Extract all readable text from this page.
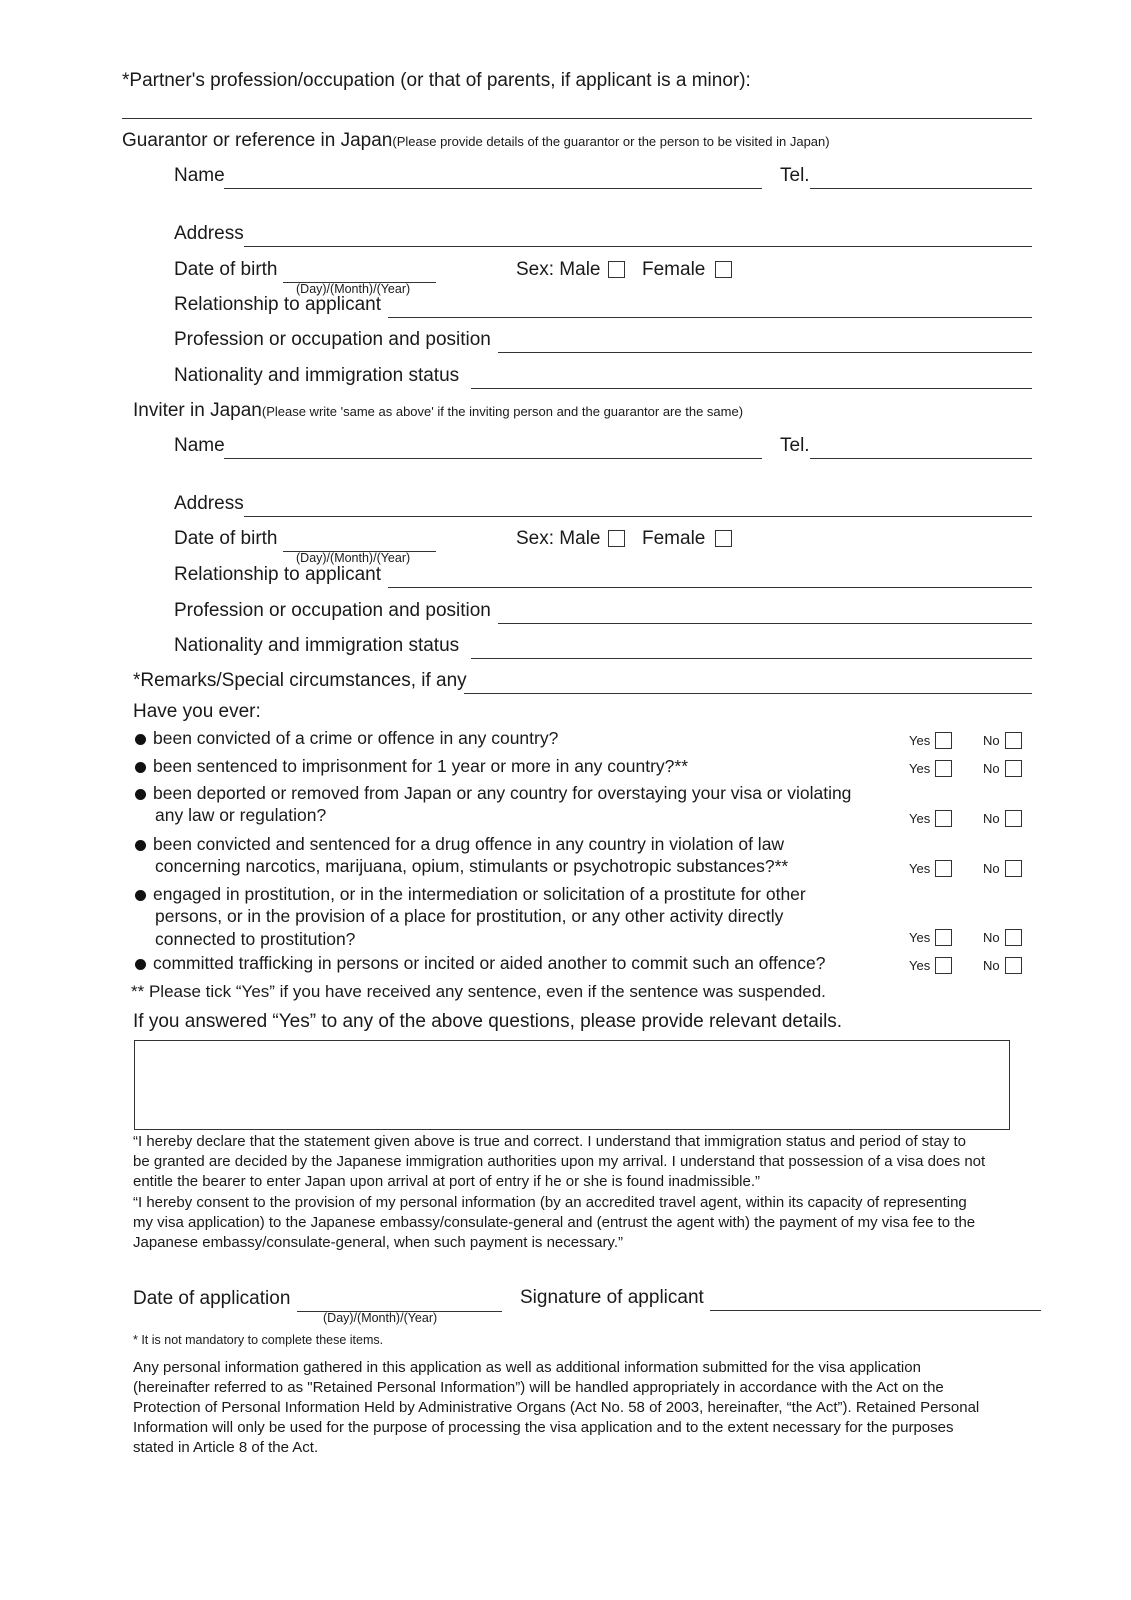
*Partner's profession/occupation (or that of parents, if applicant is a minor):
Guarantor or reference in Japan(Please provide details of the guarantor or the person to be visited in Japan)
Name	Tel.
Address
Date of birth
(Day)/(Month)/(Year)
Sex: Male Female
Relationship to applicant
Profession or occupation and position
Nationality and immigration status
Inviter in Japan(Please write 'same as above' if the inviting person and the guarantor are the same)
Name	Tel.
Address
Date of birth
(Day)/(Month)/(Year)
Sex: Male Female
Relationship to applicant
Profession or occupation and position
Nationality and immigration status
*Remarks/Special circumstances, if any
Have you ever:
been convicted of a crime or offence in any country?	Yes	No
been sentenced to imprisonment for 1 year or more in any country?**	Yes	No
been deported or removed from Japan or any country for overstaying your visa or violating
any law or regulation?	Yes	No
been convicted and sentenced for a drug offence in any country in violation of law
concerning narcotics, marijuana, opium, stimulants or psychotropic substances?**	Yes	No
engaged in prostitution, or in the intermediation or solicitation of a prostitute for other
persons, or in the provision of a place for prostitution, or any other activity directly
connected to prostitution?	Yes	No
committed trafficking in persons or incited or aided another to commit such an offence?	Yes	No
** Please tick “Yes” if you have received any sentence, even if the sentence was suspended.
If you answered “Yes” to any of the above questions, please provide relevant details.
“I hereby declare that the statement given above is true and correct. I understand that immigration status and period of stay to
be granted are decided by the Japanese immigration authorities upon my arrival. I understand that possession of a visa does not
entitle the bearer to enter Japan upon arrival at port of entry if he or she is found inadmissible.”
“I hereby consent to the provision of my personal information (by an accredited travel agent, within its capacity of representing
my visa application) to the Japanese embassy/consulate-general and (entrust the agent with) the payment of my visa fee to the
Japanese embassy/consulate-general, when such payment is necessary.”
Date of application
(Day)/(Month)/(Year)
Signature of applicant
* It is not mandatory to complete these items.
Any personal information gathered in this application as well as additional information submitted for the visa application
(hereinafter referred to as "Retained Personal Information”) will be handled appropriately in accordance with the Act on the
Protection of Personal Information Held by Administrative Organs (Act No. 58 of 2003, hereinafter, “the Act”). Retained Personal
Information will only be used for the purpose of processing the visa application and to the extent necessary for the purposes
stated in Article 8 of the Act.
